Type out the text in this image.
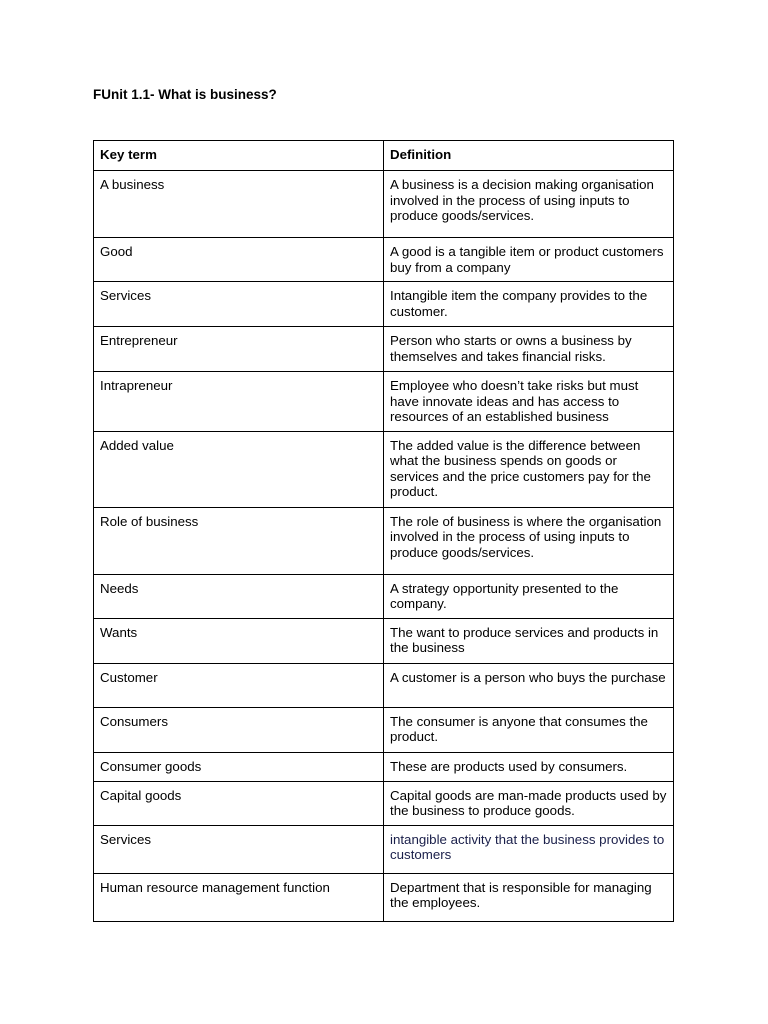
FUnit 1.1- What is business?
Key term	Definition
A business	A business is a decision making organisation involved in the process of using inputs to produce goods/services.
Good	A good is a tangible item or product customers buy from a company
Services	Intangible item the company provides to the customer.
Entrepreneur	Person who starts or owns a business by themselves and takes financial risks.
Intrapreneur	Employee who doesn’t take risks but must have innovate ideas and has access to resources of an established business
Added value	The added value is the difference between what the business spends on goods or services and the price customers pay for the product.
Role of business	The role of business is where the organisation involved in the process of using inputs to produce goods/services.
Needs	A strategy opportunity presented to the company.
Wants	The want to produce services and products in the business
Customer	A customer is a person who buys the purchase
Consumers	The consumer is anyone that consumes the product.
Consumer goods	These are products used by consumers.
Capital goods	Capital goods are man-made products used by the business to produce goods.
Services	intangible activity that the business provides to customers
Human resource management function	Department that is responsible for managing the employees.
